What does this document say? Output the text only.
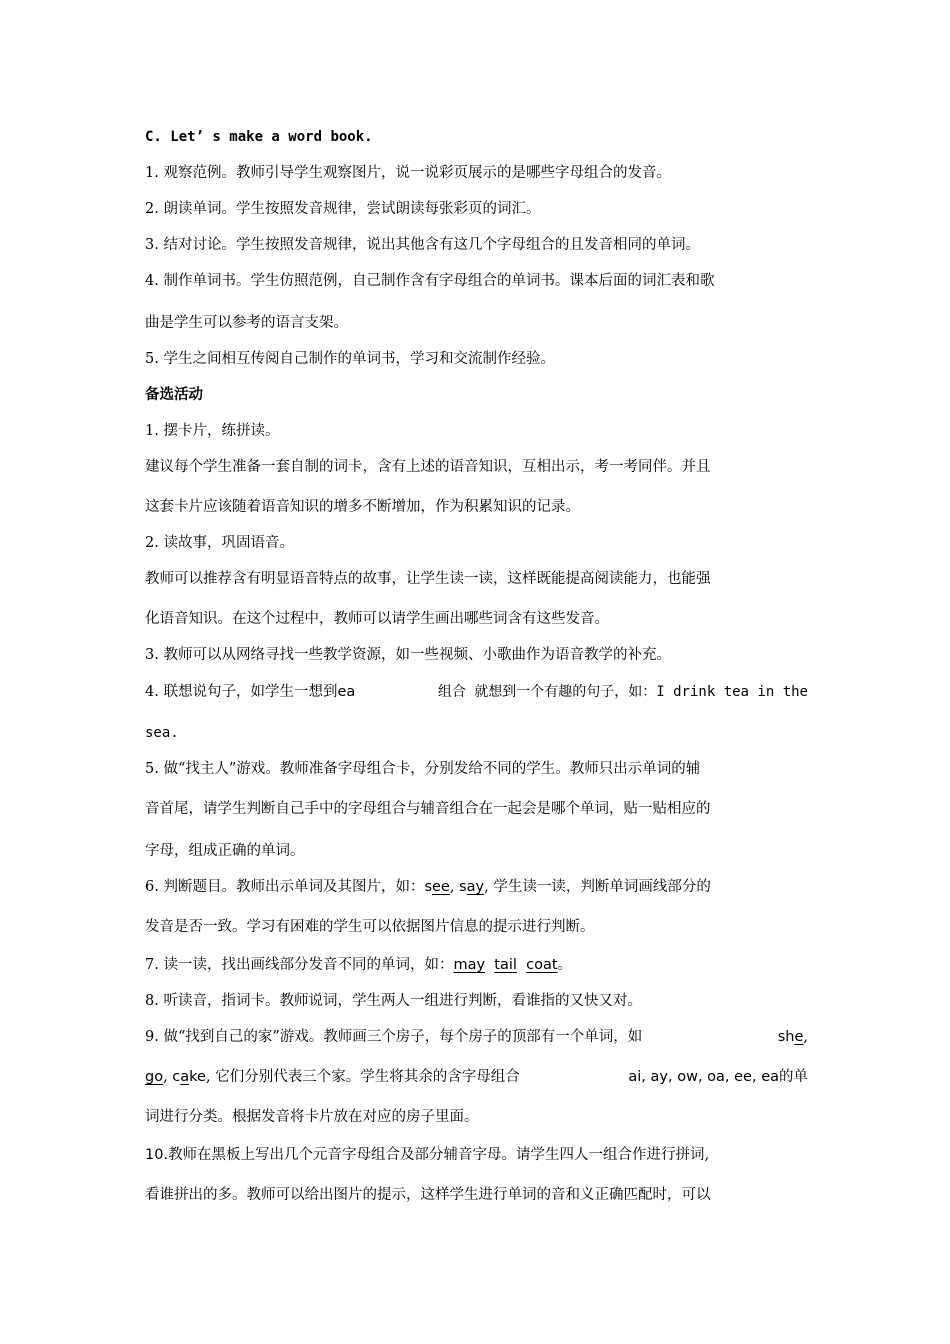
C. Let’ s make a word book.

1. 观察范例。教师引导学生观察图片，说一说彩页展示的是哪些字母组合的发音。

2. 朗读单词。学生按照发音规律，尝试朗读每张彩页的词汇。

3. 结对讨论。学生按照发音规律，说出其他含有这几个字母组合的且发音相同的单词。

4. 制作单词书。学生仿照范例，自己制作含有字母组合的单词书。课本后面的词汇表和歌

曲是学生可以参考的语言支架。

5. 学生之间相互传阅自己制作的单词书，学习和交流制作经验。

备选活动

1. 摆卡片，练拼读。

建议每个学生准备一套自制的词卡，含有上述的语音知识，互相出示，考一考同伴。并且

这套卡片应该随着语音知识的增多不断增加，作为积累知识的记录。

2. 读故事，巩固语音。

教师可以推荐含有明显语音特点的故事，让学生读一读，这样既能提高阅读能力，也能强

化语音知识。在这个过程中，教师可以请学生画出哪些词含有这些发音。

3. 教师可以从网络寻找一些教学资源，如一些视频、小歌曲作为语音教学的补充。

4. 联想说句子，如学生一想到ea	组合 就想到一个有趣的句子，如：I drink tea in the

sea.

5. 做“找主人”游戏。教师准备字母组合卡，分别发给不同的学生。教师只出示单词的辅

音首尾，请学生判断自己手中的字母组合与辅音组合在一起会是哪个单词，贴一贴相应的

字母，组成正确的单词。

6. 判断题目。教师出示单词及其图片，如：see, say, 学生读一读，判断单词画线部分的

发音是否一致。学习有困难的学生可以依据图片信息的提示进行判断。

7. 读一读，找出画线部分发音不同的单词，如：may tail coat。

8. 听读音，指词卡。教师说词，学生两人一组进行判断，看谁指的又快又对。

9. 做“找到自己的家”游戏。教师画三个房子，每个房子的顶部有一个单词，如	she,

go, cake, 它们分别代表三个家。学生将其余的含字母组合	ai, ay, ow, oa, ee, ea的单

词进行分类。根据发音将卡片放在对应的房子里面。

10.教师在黑板上写出几个元音字母组合及部分辅音字母。请学生四人一组合作进行拼词,

看谁拼出的多。教师可以给出图片的提示，这样学生进行单词的音和义正确匹配时，可以
